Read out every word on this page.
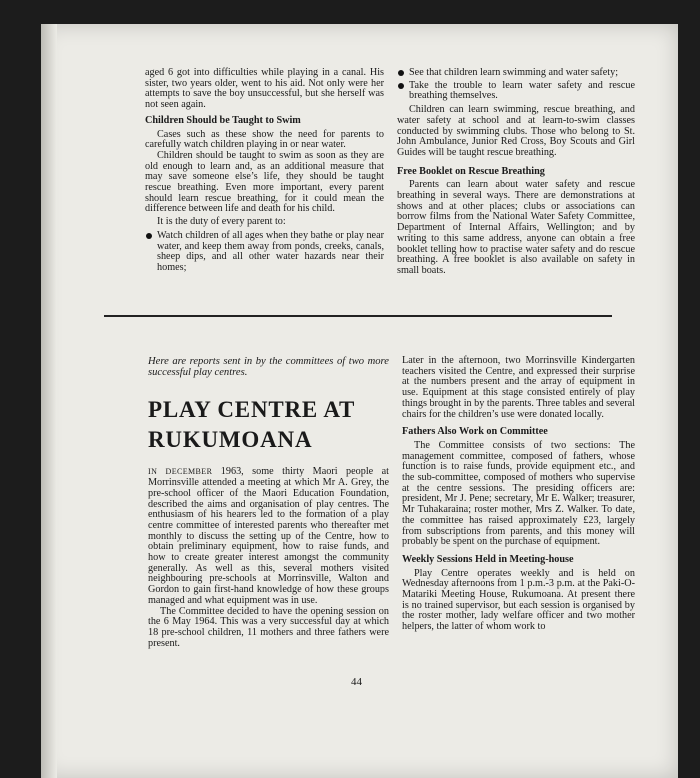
aged 6 got into difficulties while playing in a canal. His sister, two years older, went to his aid. Not only were her attempts to save the boy unsuccessful, but she herself was not seen again.

Children Should be Taught to Swim

Cases such as these show the need for parents to carefully watch children playing in or near water.

Children should be taught to swim as soon as they are old enough to learn and, as an additional measure that may save someone else’s life, they should be taught rescue breathing. Even more important, every parent should learn rescue breathing, for it could mean the difference between life and death for his child.

It is the duty of every parent to:

Watch children of all ages when they bathe or play near water, and keep them away from ponds, creeks, canals, sheep dips, and all other water hazards near their homes;
See that children learn swimming and water safety;
Take the trouble to learn water safety and rescue breathing themselves.

Children can learn swimming, rescue breathing, and water safety at school and at learn-to-swim classes conducted by swimming clubs. Those who belong to St. John Ambulance, Junior Red Cross, Boy Scouts and Girl Guides will be taught rescue breathing.

Free Booklet on Rescue Breathing

Parents can learn about water safety and rescue breathing in several ways. There are demonstrations at shows and at other places; clubs or associations can borrow films from the National Water Safety Committee, Department of Internal Affairs, Wellington; and by writing to this same address, anyone can obtain a free booklet telling how to practise water safety and do rescue breathing. A free booklet is also available on safety in small boats.

Here are reports sent in by the committees of two more successful play centres.

PLAY CENTRE AT RUKUMOANA

IN DECEMBER 1963, some thirty Maori people at Morrinsville attended a meeting at which Mr A. Grey, the pre-school officer of the Maori Education Foundation, described the aims and organisation of play centres. The enthusiasm of his hearers led to the formation of a play centre committee of interested parents who thereafter met monthly to discuss the setting up of the Centre, how to obtain preliminary equipment, how to raise funds, and how to create greater interest amongst the community generally. As well as this, several mothers visited neighbouring pre-schools at Morrinsville, Walton and Gordon to gain first-hand knowledge of how these groups managed and what equipment was in use.

The Committee decided to have the opening session on the 6 May 1964. This was a very successful day at which 18 pre-school children, 11 mothers and three fathers were present.

Later in the afternoon, two Morrinsville Kindergarten teachers visited the Centre, and expressed their surprise at the numbers present and the array of equipment in use. Equipment at this stage consisted entirely of play things brought in by the parents. Three tables and several chairs for the children’s use were donated locally.

Fathers Also Work on Committee

The Committee consists of two sections: The management committee, composed of fathers, whose function is to raise funds, provide equipment etc., and the sub-committee, composed of mothers who supervise at the centre sessions. The presiding officers are: president, Mr J. Pene; secretary, Mr E. Walker; treasurer, Mr Tuhakaraina; roster mother, Mrs Z. Walker. To date, the committee has raised approximately £23, largely from subscriptions from parents, and this money will probably be spent on the purchase of equipment.

Weekly Sessions Held in Meeting-house

Play Centre operates weekly and is held on Wednesday afternoons from 1 p.m.-3 p.m. at the Paki-O-Matariki Meeting House, Rukumoana. At present there is no trained supervisor, but each session is organised by the roster mother, lady welfare officer and two mother helpers, the latter of whom work to

44
